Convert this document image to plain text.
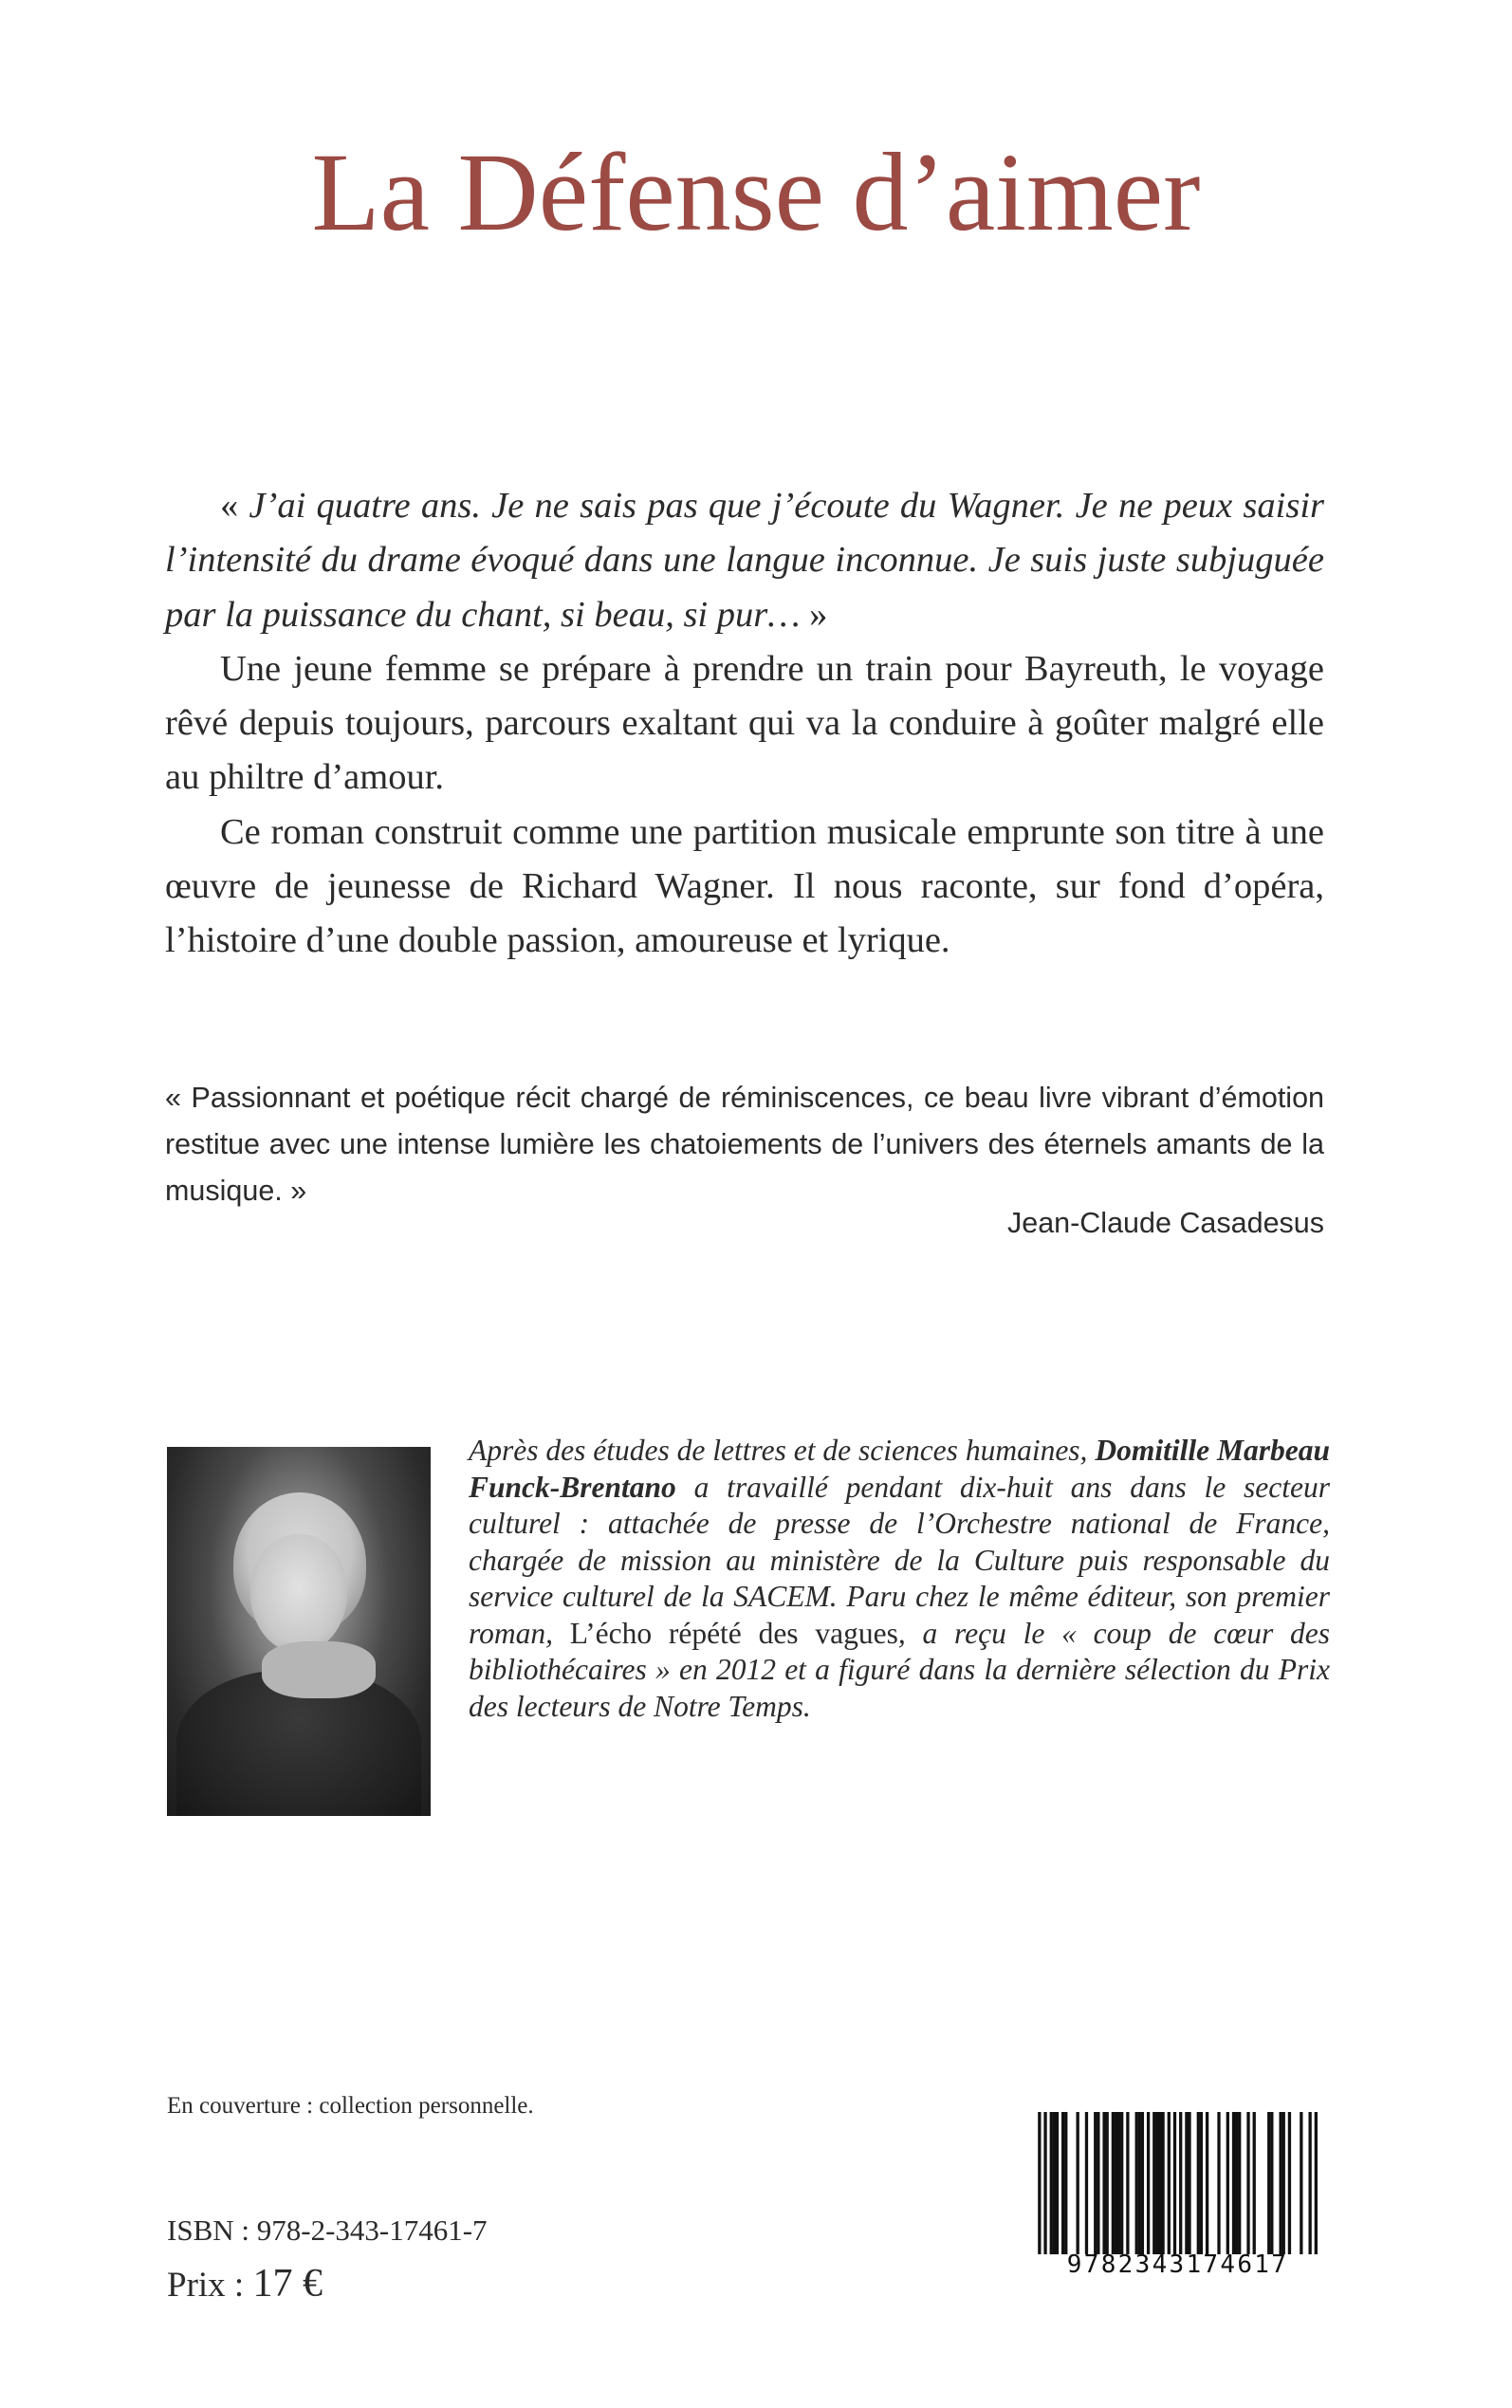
La Défense d’aimer

« J’ai quatre ans. Je ne sais pas que j’écoute du Wagner. Je ne peux saisir l’intensité du drame évoqué dans une langue inconnue. Je suis juste subjuguée par la puissance du chant, si beau, si pur… »

Une jeune femme se prépare à prendre un train pour Bayreuth, le voyage rêvé depuis toujours, parcours exaltant qui va la conduire à goûter malgré elle au philtre d’amour.

Ce roman construit comme une partition musicale emprunte son titre à une œuvre de jeunesse de Richard Wagner. Il nous raconte, sur fond d’opéra, l’histoire d’une double passion, amoureuse et lyrique.

« Passionnant et poétique récit chargé de réminiscences, ce beau livre vibrant d’émotion restitue avec une intense lumière les chatoiements de l’univers des éternels amants de la musique. »
Jean-Claude Casadesus
Après des études de lettres et de sciences humaines, Domitille Marbeau Funck-Brentano a travaillé pendant dix-huit ans dans le secteur culturel : attachée de presse de l’Orchestre national de France, chargée de mission au ministère de la Culture puis responsable du service culturel de la SACEM. Paru chez le même éditeur, son premier roman, L’écho répété des vagues, a reçu le « coup de cœur des bibliothécaires » en 2012 et a figuré dans la dernière sélection du Prix des lecteurs de Notre Temps.
En couverture : collection personnelle.
ISBN : 978-2-343-17461-7
Prix : 17 €	9782343174617
